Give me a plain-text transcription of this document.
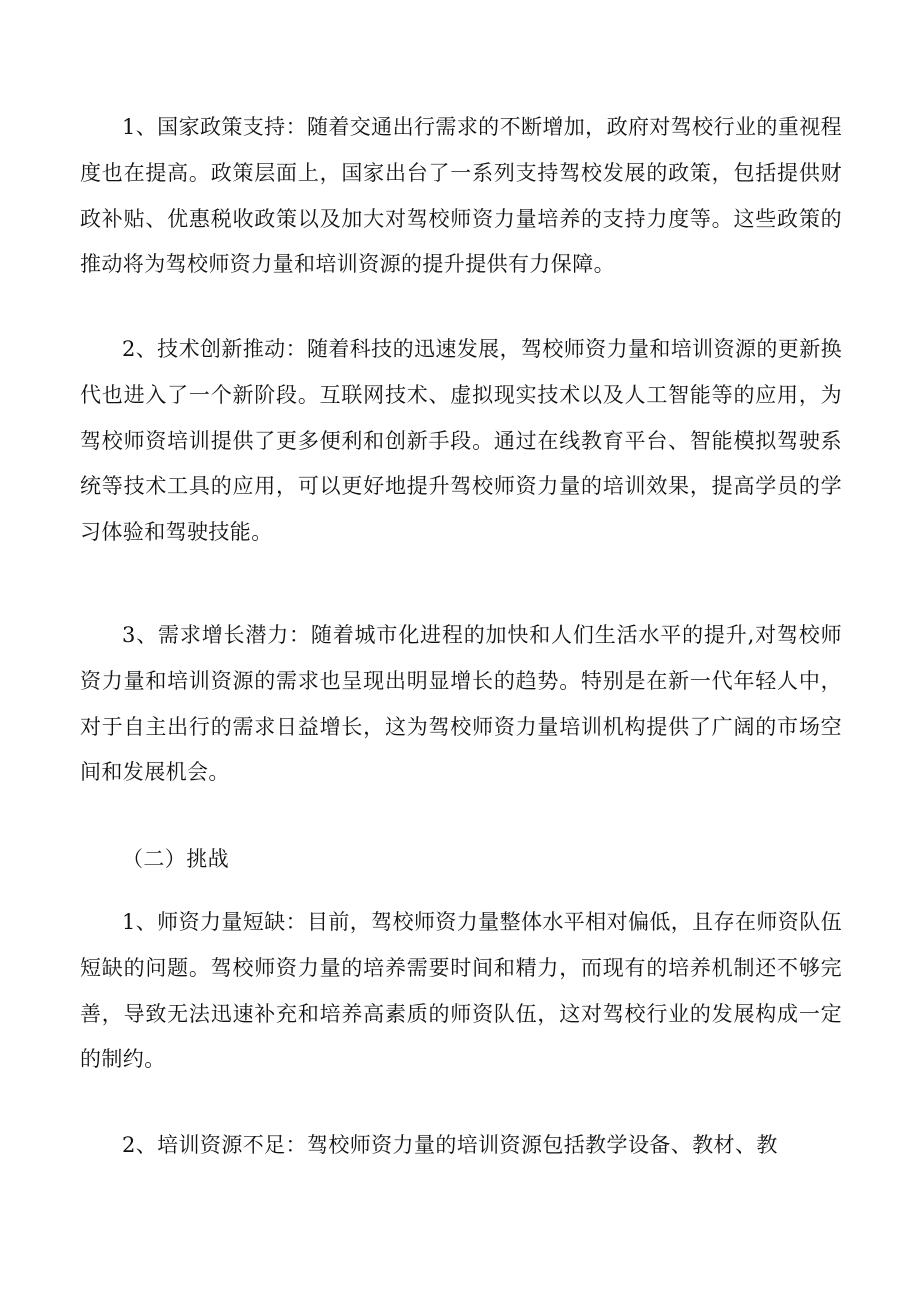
1、国家政策支持：随着交通出行需求的不断增加，政府对驾校行业的重视程度也在提高。政策层面上，国家出台了一系列支持驾校发展的政策，包括提供财政补贴、优惠税收政策以及加大对驾校师资力量培养的支持力度等。这些政策的推动将为驾校师资力量和培训资源的提升提供有力保障。

2、技术创新推动：随着科技的迅速发展，驾校师资力量和培训资源的更新换代也进入了一个新阶段。互联网技术、虚拟现实技术以及人工智能等的应用，为驾校师资培训提供了更多便利和创新手段。通过在线教育平台、智能模拟驾驶系统等技术工具的应用，可以更好地提升驾校师资力量的培训效果，提高学员的学习体验和驾驶技能。

3、需求增长潜力：随着城市化进程的加快和人们生活水平的提升,对驾校师资力量和培训资源的需求也呈现出明显增长的趋势。特别是在新一代年轻人中，对于自主出行的需求日益增长，这为驾校师资力量培训机构提供了广阔的市场空间和发展机会。

（二）挑战

1、师资力量短缺：目前，驾校师资力量整体水平相对偏低，且存在师资队伍短缺的问题。驾校师资力量的培养需要时间和精力，而现有的培养机制还不够完善，导致无法迅速补充和培养高素质的师资队伍，这对驾校行业的发展构成一定的制约。

2、培训资源不足：驾校师资力量的培训资源包括教学设备、教材、教
